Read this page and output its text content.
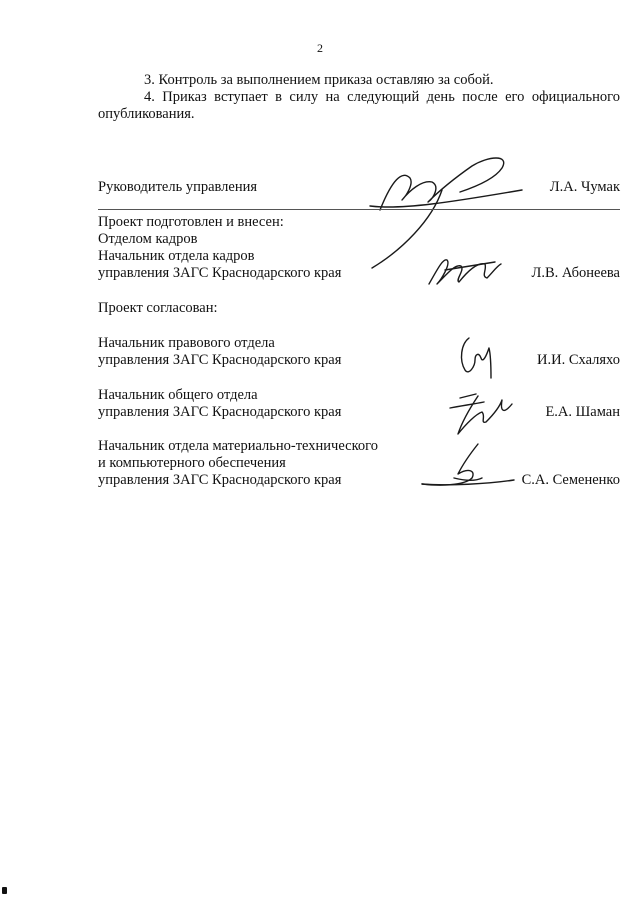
2
3. Контроль за выполнением приказа оставляю за собой.
4. Приказ вступает в силу на следующий день после его официального опубликования.
Руководитель управления	Л.А. Чумак
Проект подготовлен и внесен:
Отделом кадров
Начальник отдела кадров
управления ЗАГС Краснодарского края	Л.В. Абонеева
Проект согласован:
Начальник правового отдела
управления ЗАГС Краснодарского края	И.И. Схаляхо
Начальник общего отдела
управления ЗАГС Краснодарского края	Е.А. Шаман
Начальник отдела материально-технического
и компьютерного обеспечения
управления ЗАГС Краснодарского края	С.А. Семененко
